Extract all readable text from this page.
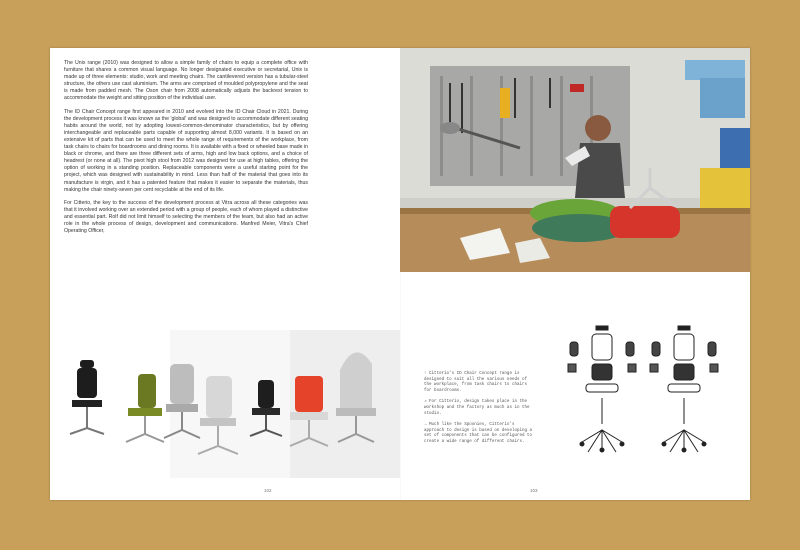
The Unix range (2010) was designed to allow a simple family of chairs to equip a complete office with furniture that shares a common visual language. No longer designated executive or secretarial, Unix is made up of three elements: studio, work and meeting chairs. The cantilevered version has a tubular-steel structure, the others use cast aluminium. The arms are comprised of moulded polypropylene and the seat is made from padded mesh. The Oson chair from 2008 automatically adjusts the backrest tension to accommodate the weight and sitting position of the individual user.

The ID Chair Concept range first appeared in 2010 and evolved into the ID Chair Cloud in 2021. During the development process it was known as the 'global' and was designed to accommodate different seating habits around the world, not by adopting lowest-common-denominator characteristics, but by offering interchangeable and replaceable parts capable of supporting almost 8,000 variants. It is based on an extensive kit of parts that can be used to meet the whole range of requirements of the workplace, from task chairs to chairs for boardrooms and dining rooms. It is available with a fixed or wheeled base made in black or chrome, and there are three different sets of arms, high and low back options, and a choice of headrest (or none at all). The pivot high stool from 2012 was designed for use at high tables, offering the option of working in a standing position. Replaceable components were a useful starting point for the project, which was designed with sustainability in mind. Less than half of the material that goes into its manufacture is virgin, and it has a patented feature that makes it easier to separate the materials, thus making the chair ninety-seven per cent recyclable at the end of its life.

For Citterio, the key to the success of the development process at Vitra across all these categories was that it involved working over an extended period with a group of people, each of whom played a distinctive and essential part. Rolf did not limit himself to selecting the members of the team, but also had an active role in the whole process of design, development and communications. Manfred Meier, Vitra's Chief Operating Officer,

↑ Citterio's ID Chair Concept range is designed to suit all the various needs of the workplace, from task chairs to chairs for boardrooms.

↗ For Citterio, design takes place in the workshop and the factory as much as in the studio.

→ Much like the Spoonies, Citterio's approach to design is based on developing a set of components that can be configured to create a wide range of different chairs.

102	103
